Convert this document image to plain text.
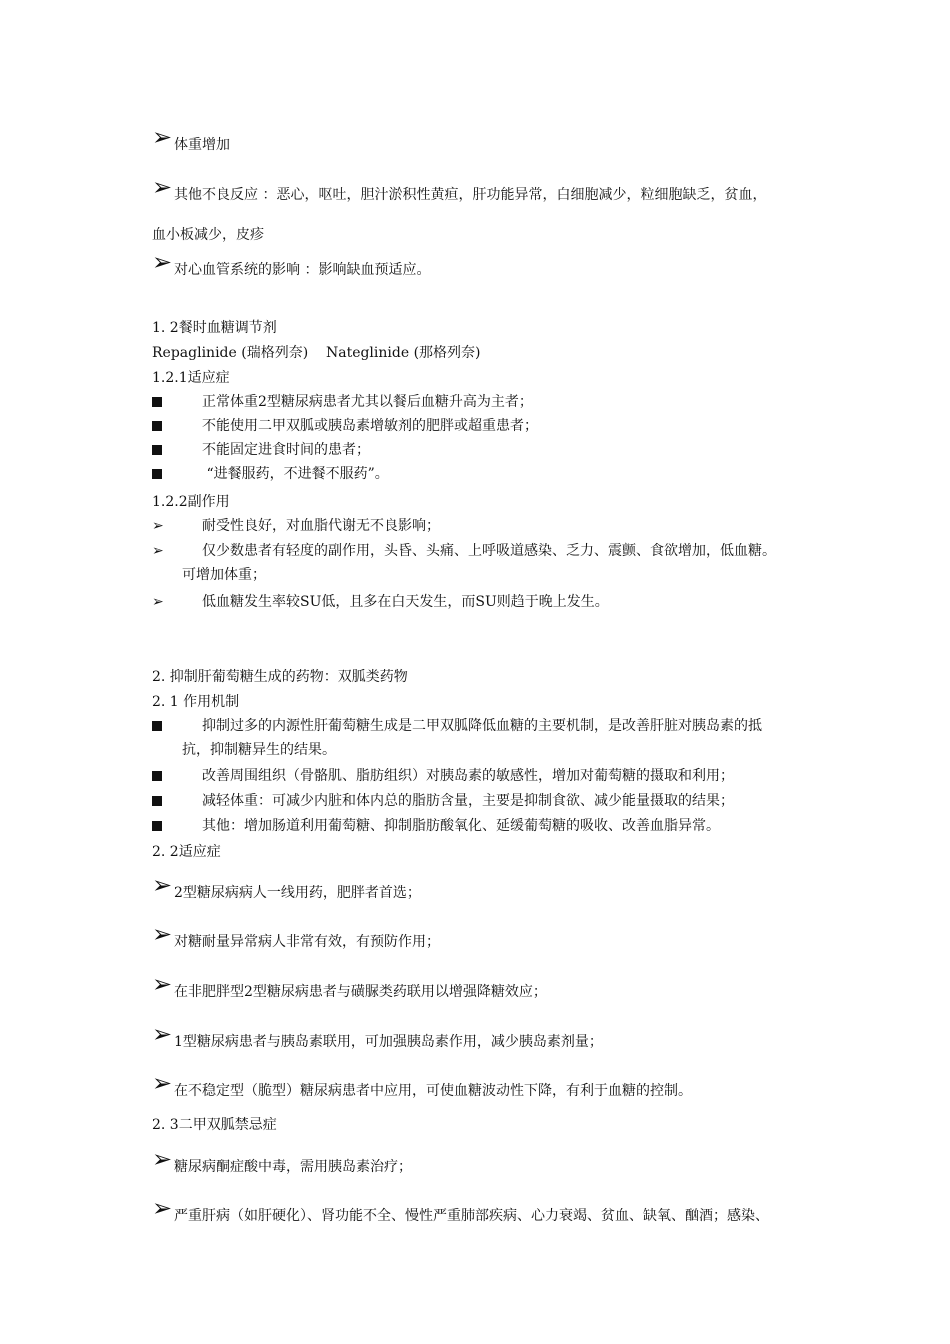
➢ 体重增加
➢ 其他不良反应 ：恶心，呕吐，胆汁淤积性黄疸，肝功能异常，白细胞减少，粒细胞缺乏，贫血，
血小板减少，皮疹
➢ 对心血管系统的影响 ：影响缺血预适应。
1. 2餐时血糖调节剂
Repaglinide (瑞格列奈)    Nateglinide (那格列奈)
1.2.1适应症
正常体重2型糖尿病患者尤其以餐后血糖升高为主者；
不能使用二甲双胍或胰岛素增敏剂的肥胖或超重患者；
不能固定进食时间的患者；
“进餐服药，不进餐不服药”。
1.2.2副作用
➢	耐受性良好，对血脂代谢无不良影响；
➢	仅少数患者有轻度的副作用，头昏、头痛、上呼吸道感染、乏力、震颤、食欲增加，低血糖。
可增加体重；
➢	低血糖发生率较SU低，且多在白天发生，而SU则趋于晚上发生。
2. 抑制肝葡萄糖生成的药物：双胍类药物
2. 1 作用机制
抑制过多的内源性肝葡萄糖生成是二甲双胍降低血糖的主要机制，是改善肝脏对胰岛素的抵
抗，抑制糖异生的结果。
改善周围组织（骨骼肌、脂肪组织）对胰岛素的敏感性，增加对葡萄糖的摄取和利用；
减轻体重：可减少内脏和体内总的脂肪含量，主要是抑制食欲、减少能量摄取的结果；
其他：增加肠道利用葡萄糖、抑制脂肪酸氧化、延缓葡萄糖的吸收、改善血脂异常。
2. 2适应症
➢ 2型糖尿病病人一线用药，肥胖者首选；
➢ 对糖耐量异常病人非常有效，有预防作用；
➢ 在非肥胖型2型糖尿病患者与磺脲类药联用以增强降糖效应；
➢ 1型糖尿病患者与胰岛素联用，可加强胰岛素作用，减少胰岛素剂量；
➢ 在不稳定型（脆型）糖尿病患者中应用，可使血糖波动性下降，有利于血糖的控制。
2. 3二甲双胍禁忌症
➢ 糖尿病酮症酸中毒，需用胰岛素治疗；
➢ 严重肝病（如肝硬化）、肾功能不全、慢性严重肺部疾病、心力衰竭、贫血、缺氧、酗酒；感染、
